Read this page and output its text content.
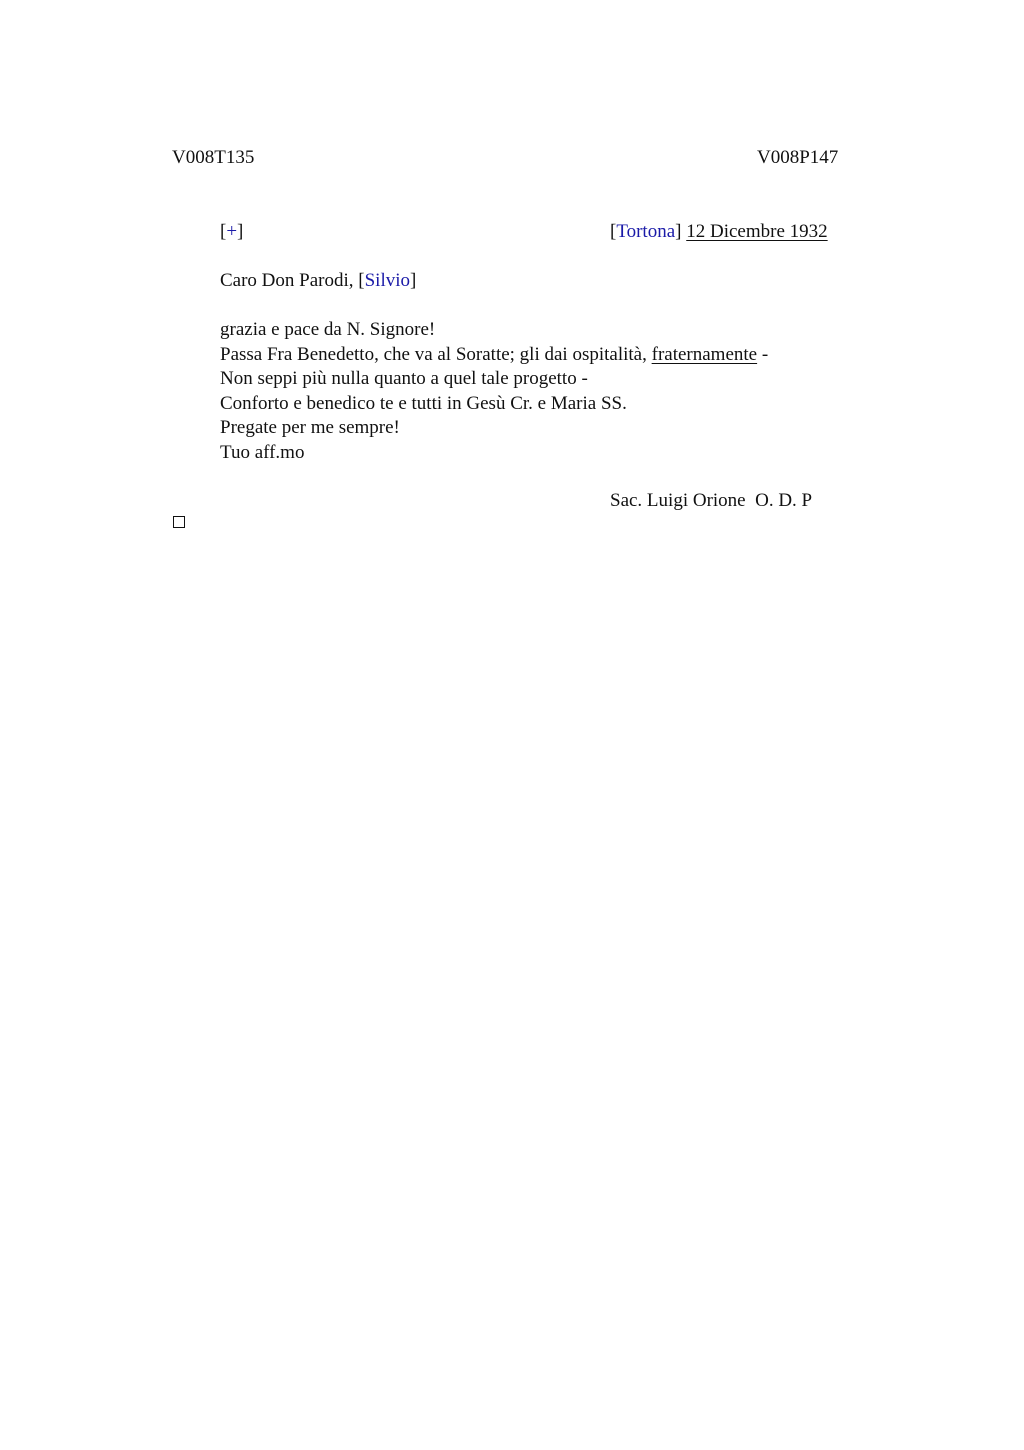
V008T135	V008P147
[+]	[Tortona] 12 Dicembre 1932
Caro Don Parodi, [Silvio]
grazia e pace da N. Signore!
Passa Fra Benedetto, che va al Soratte; gli dai ospitalità, fraternamente -
Non seppi più nulla quanto a quel tale progetto -
Conforto e benedico te e tutti in Gesù Cr. e Maria SS.
Pregate per me sempre!
Tuo aff.mo
Sac. Luigi Orione  O. D. P
